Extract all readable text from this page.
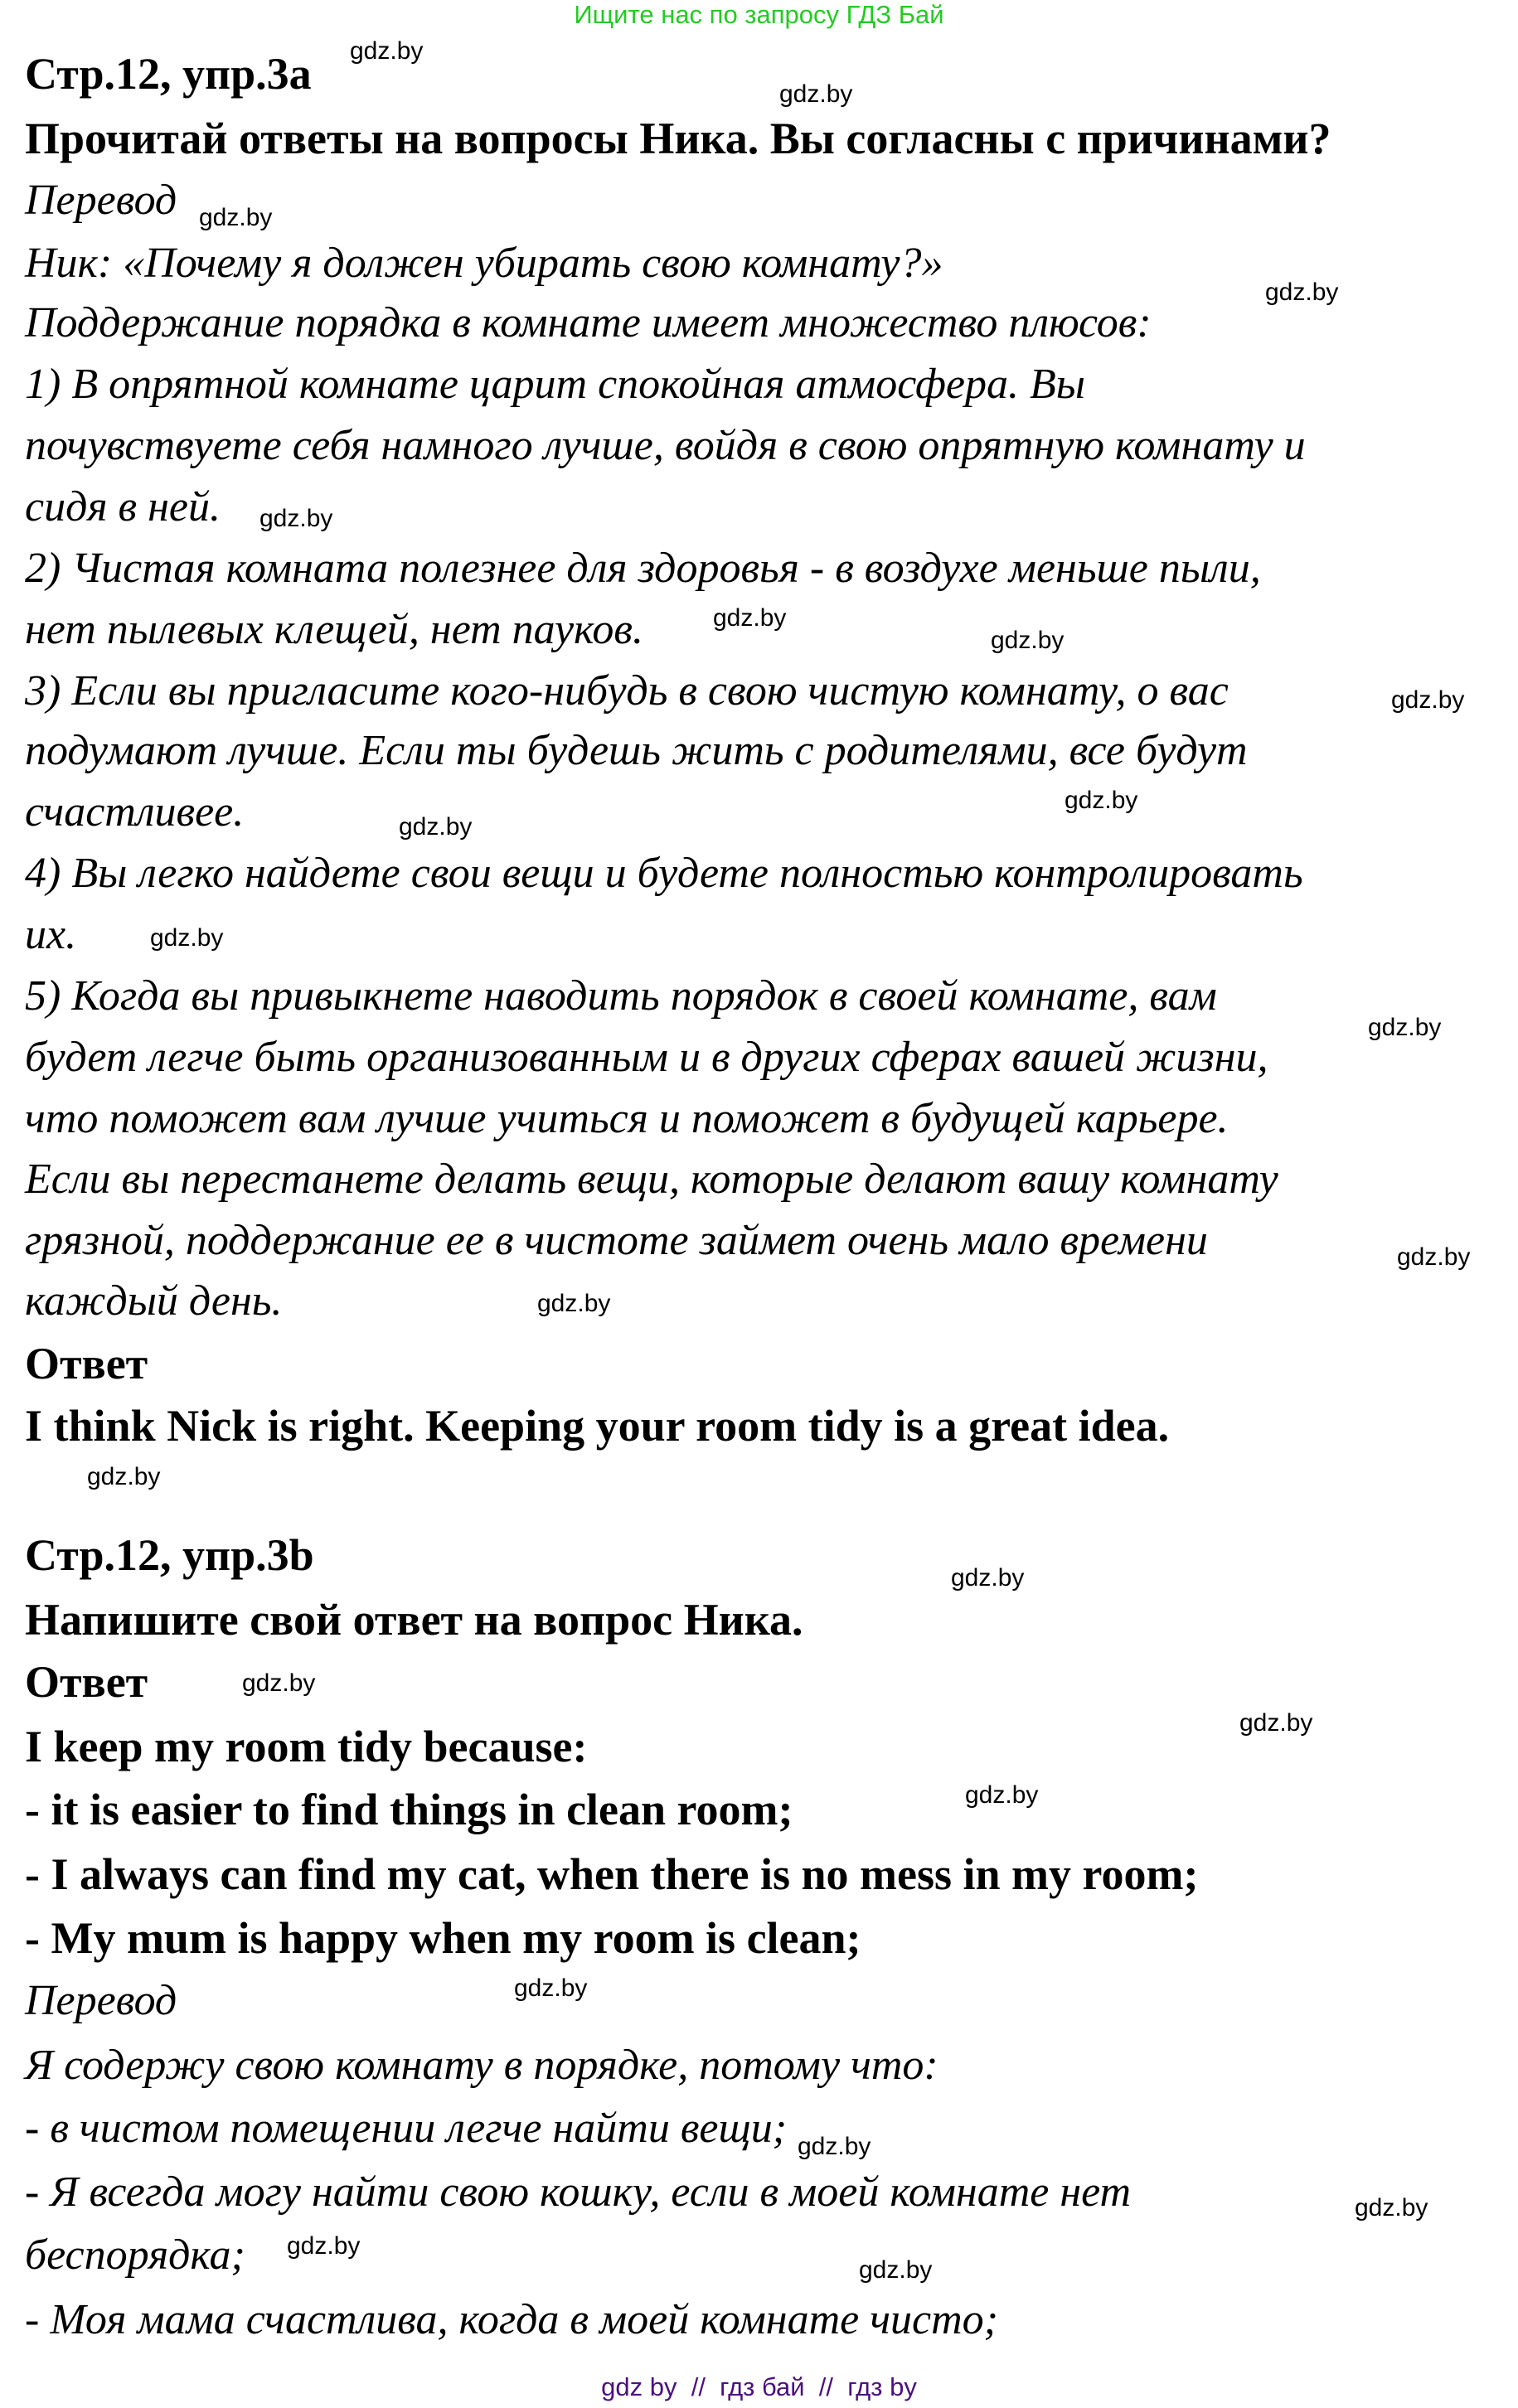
Ищите нас по запросу ГДЗ Бай
Стр.12, упр.3а
Прочитай ответы на вопросы Ника. Вы согласны с причинами?
Перевод
Ник: «Почему я должен убирать свою комнату?»
Поддержание порядка в комнате имеет множество плюсов:
1) В опрятной комнате царит спокойная атмосфера. Вы
почувствуете себя намного лучше, войдя в свою опрятную комнату и
сидя в ней.
2) Чистая комната полезнее для здоровья - в воздухе меньше пыли,
нет пылевых клещей, нет пауков.
3) Если вы пригласите кого-нибудь в свою чистую комнату, о вас
подумают лучше. Если ты будешь жить с родителями, все будут
счастливее.
4) Вы легко найдете свои вещи и будете полностью контролировать
их.
5) Когда вы привыкнете наводить порядок в своей комнате, вам
будет легче быть организованным и в других сферах вашей жизни,
что поможет вам лучше учиться и поможет в будущей карьере.
Если вы перестанете делать вещи, которые делают вашу комнату
грязной, поддержание ее в чистоте займет очень мало времени
каждый день.
Ответ
I think Nick is right. Keeping your room tidy is a great idea.
Стр.12, упр.3b
Напишите свой ответ на вопрос Ника.
Ответ
I keep my room tidy because:
- it is easier to find things in clean room;
- I always can find my cat, when there is no mess in my room;
- My mum is happy when my room is clean;
Перевод
Я содержу свою комнату в порядке, потому что:
- в чистом помещении легче найти вещи;
- Я всегда могу найти свою кошку, если в моей комнате нет
беспорядка;
- Моя мама счастлива, когда в моей комнате чисто;
gdz by  //  гдз бай  //  гдз by
gdz.by
gdz.by
gdz.by
gdz.by
gdz.by
gdz.by
gdz.by
gdz.by
gdz.by
gdz.by
gdz.by
gdz.by
gdz.by
gdz.by
gdz.by
gdz.by
gdz.by
gdz.by
gdz.by
gdz.by
gdz.by
gdz.by
gdz.by
gdz.by
